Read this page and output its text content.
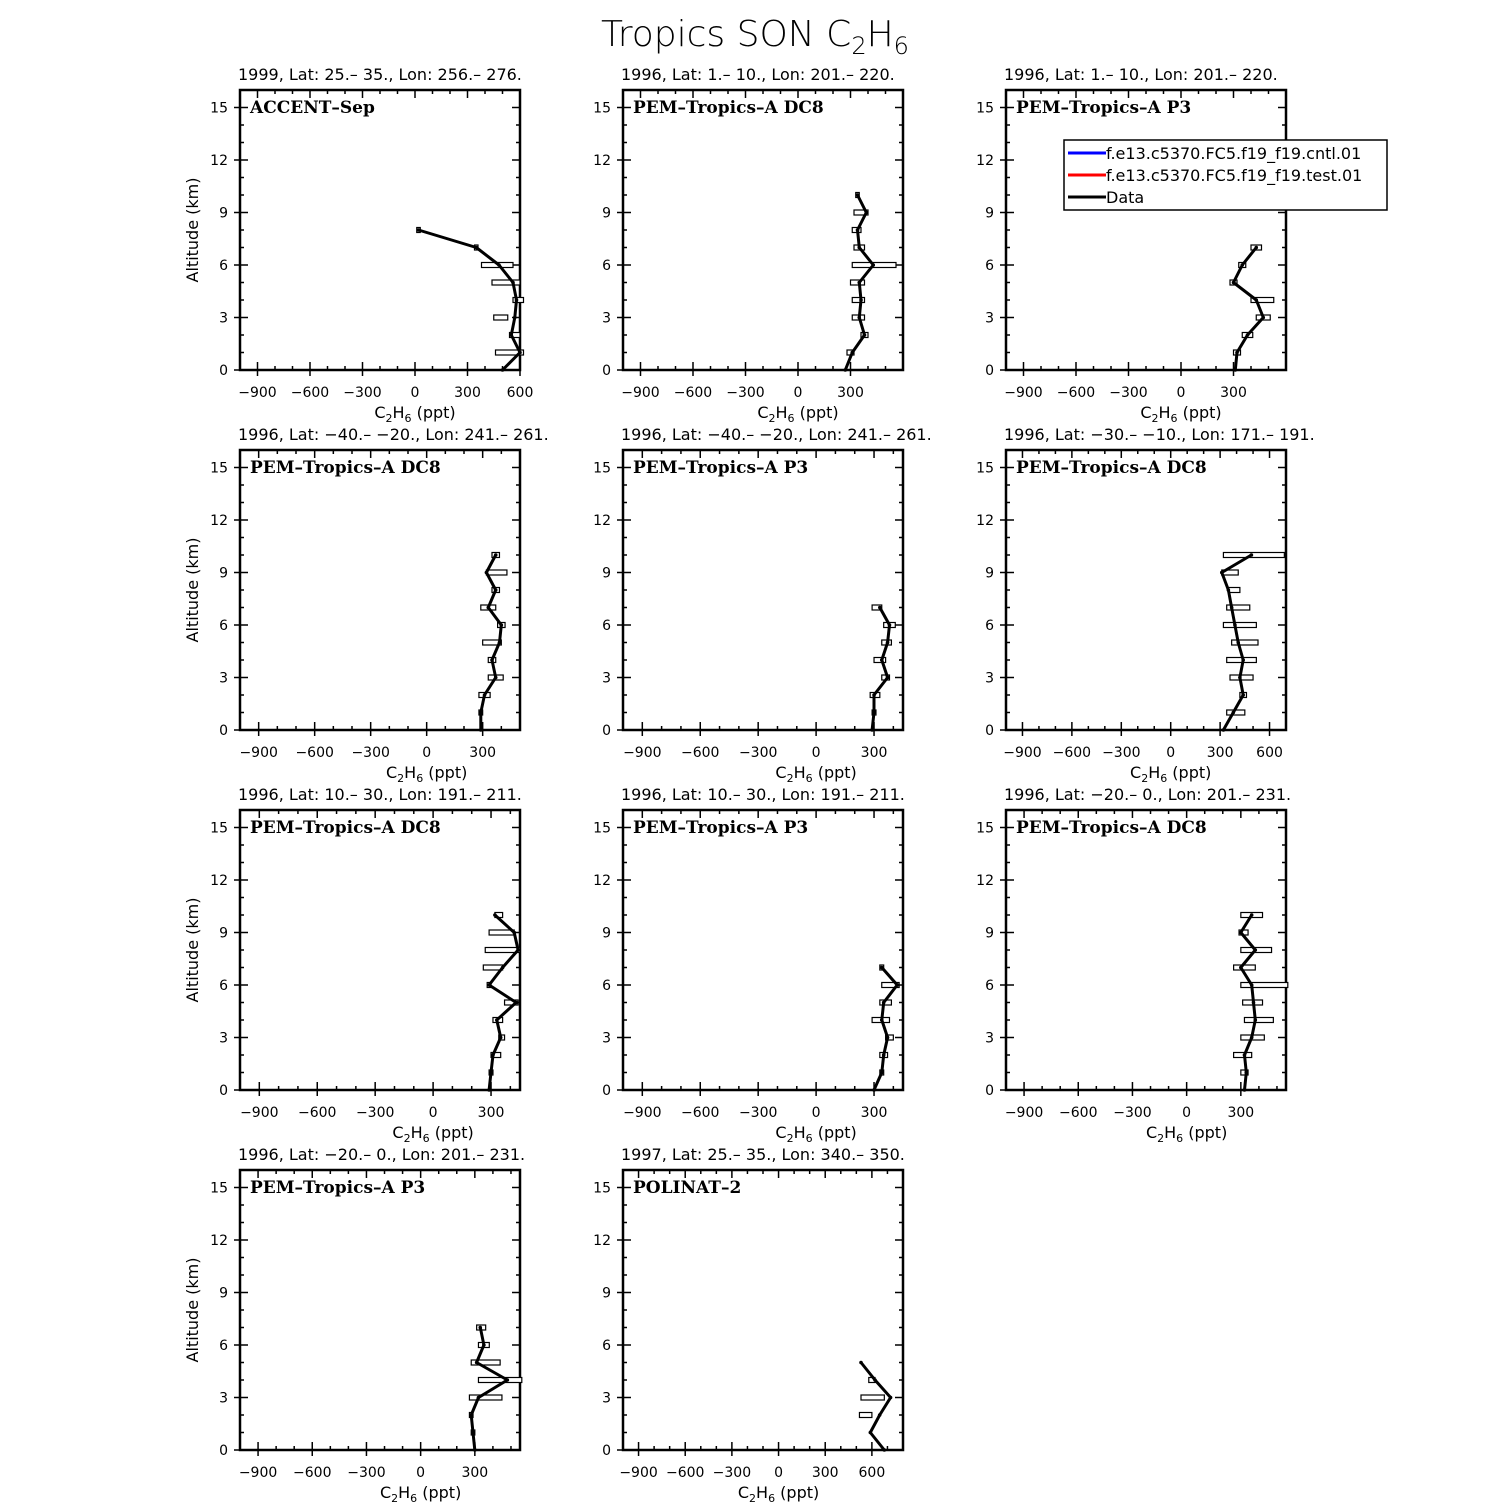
Tropics SON $C_2H_6$
1999, Lat: 25.– 35., Lon: 256.– 276.
0
3
6
9
12
15
−900 −600 −300 0 300 600
$C_2H_6$ (ppt)
Altitude (km)
ACCENT–Sep
1996, Lat: 1.– 10., Lon: 201.– 220.
0
3
6
9
12
15
−900 −600 −300 0 300
$C_2H_6$ (ppt)
PEM–Tropics–A DC8
1996, Lat: 1.– 10., Lon: 201.– 220.
0
3
6
9
12
15
−900 −600 −300 0 300
$C_2H_6$ (ppt)
PEM–Tropics–A P3
1996, Lat: −40.– −20., Lon: 241.– 261.
0
3
6
9
12
15
−900 −600 −300 0	300
$C_2H_6$ (ppt)
Altitude (km)
PEM–Tropics–A DC8
1996, Lat: −40.– −20., Lon: 241.– 261.
0
3
6
9
12
15
−900 −600 −300 0	300
$C_2H_6$ (ppt)
PEM–Tropics–A P3
1996, Lat: −30.– −10., Lon: 171.– 191.
0
3
6
9
12
15
−900 −600 −300 0 300 600
$C_2H_6$ (ppt)
PEM–Tropics–A DC8
1996, Lat: 10.– 30., Lon: 191.– 211.
0
3
6
9
12
15
−900 −600 −300 0	300
$C_2H_6$ (ppt)
Altitude (km)
PEM–Tropics–A DC8
1996, Lat: 10.– 30., Lon: 191.– 211.
0
3
6
9
12
15
−900 −600 −300 0	300
$C_2H_6$ (ppt)
PEM–Tropics–A P3
1996, Lat: −20.– 0., Lon: 201.– 231.
0
3
6
9
12
15
−900 −600 −300 0	300
$C_2H_6$ (ppt)
PEM–Tropics–A DC8
1996, Lat: −20.– 0., Lon: 201.– 231.
0
3
6
9
12
15
−900 −600 −300 0	300
$C_2H_6$ (ppt)
Altitude (km)
PEM–Tropics–A P3
1997, Lat: 25.– 35., Lon: 340.– 350.
0
3
6
9
12
15
−900 −600 −300 0 300 600
$C_2H_6$ (ppt)
POLINAT–2
f.e13.c5370.FC5.f19_f19.cntl.01
f.e13.c5370.FC5.f19_f19.test.01
Data
